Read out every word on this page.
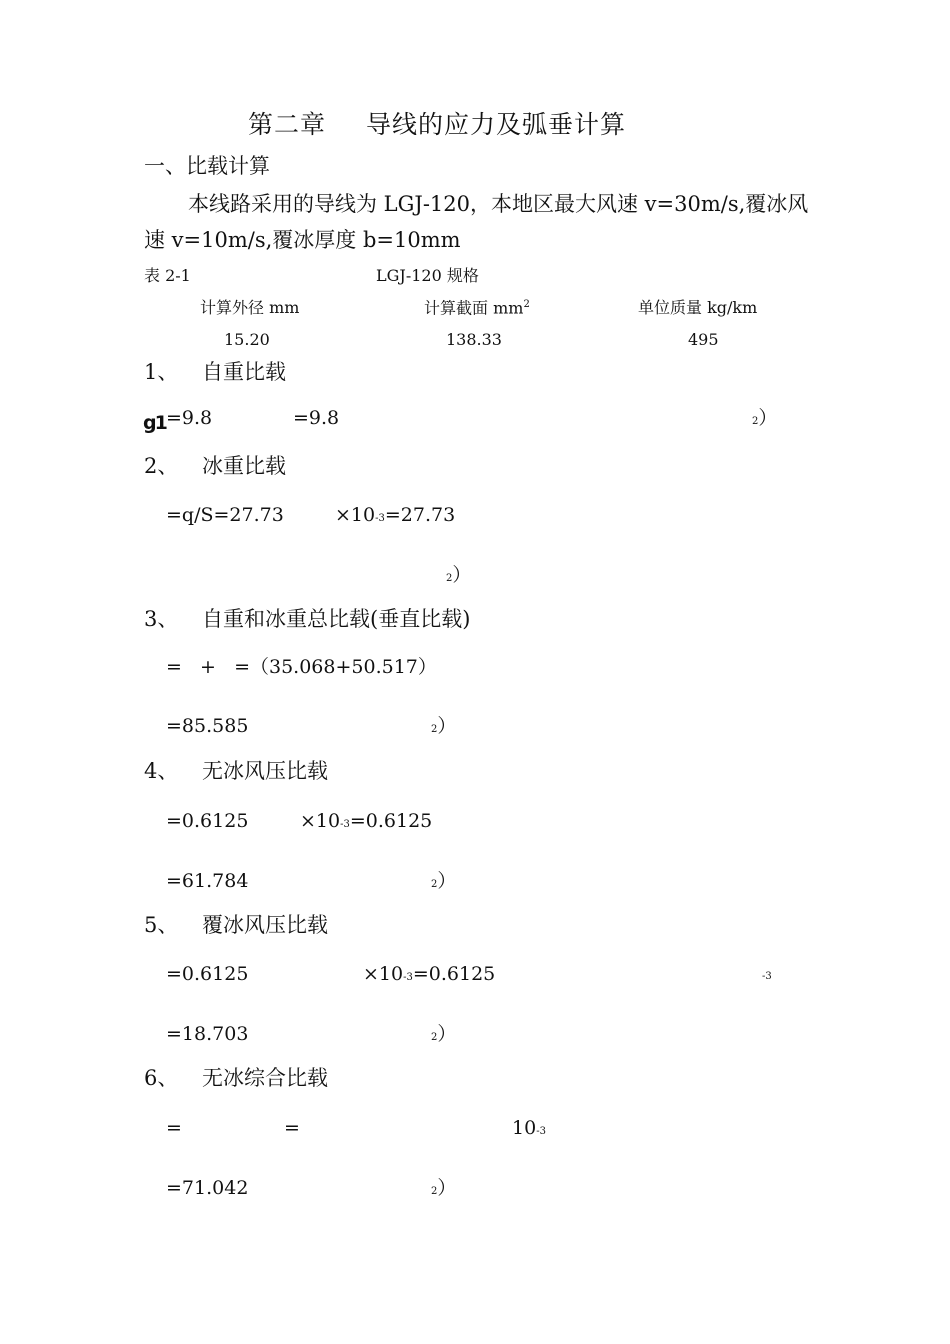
第二章 导线的应力及弧垂计算
一、比载计算
本线路采用的导线为 LGJ-120，本地区最大风速 v=30m/s,覆冰风
速 v=10m/s,覆冰厚度 b=10mm
表 2-1	LGJ-120 规格
计算外径 mm	计算截面 $mm^2$	单位质量 kg/km
15.20	138.33	495
1、 自重比载
g1 =9.8	=9.8	2）
2、 冰重比载
=q/S=27.73	×10-3=27.73
2）
3、 自重和冰重总比载(垂直比载)
=   +   =（35.068+50.517）
=85.585	2）
4、 无冰风压比载
=0.6125	×10-3=0.6125
=61.784	2）
5、 覆冰风压比载
=0.6125	×10-3=0.6125	-3
=18.703	2）
6、 无冰综合比载
=	=	10-3
=71.042	2）
